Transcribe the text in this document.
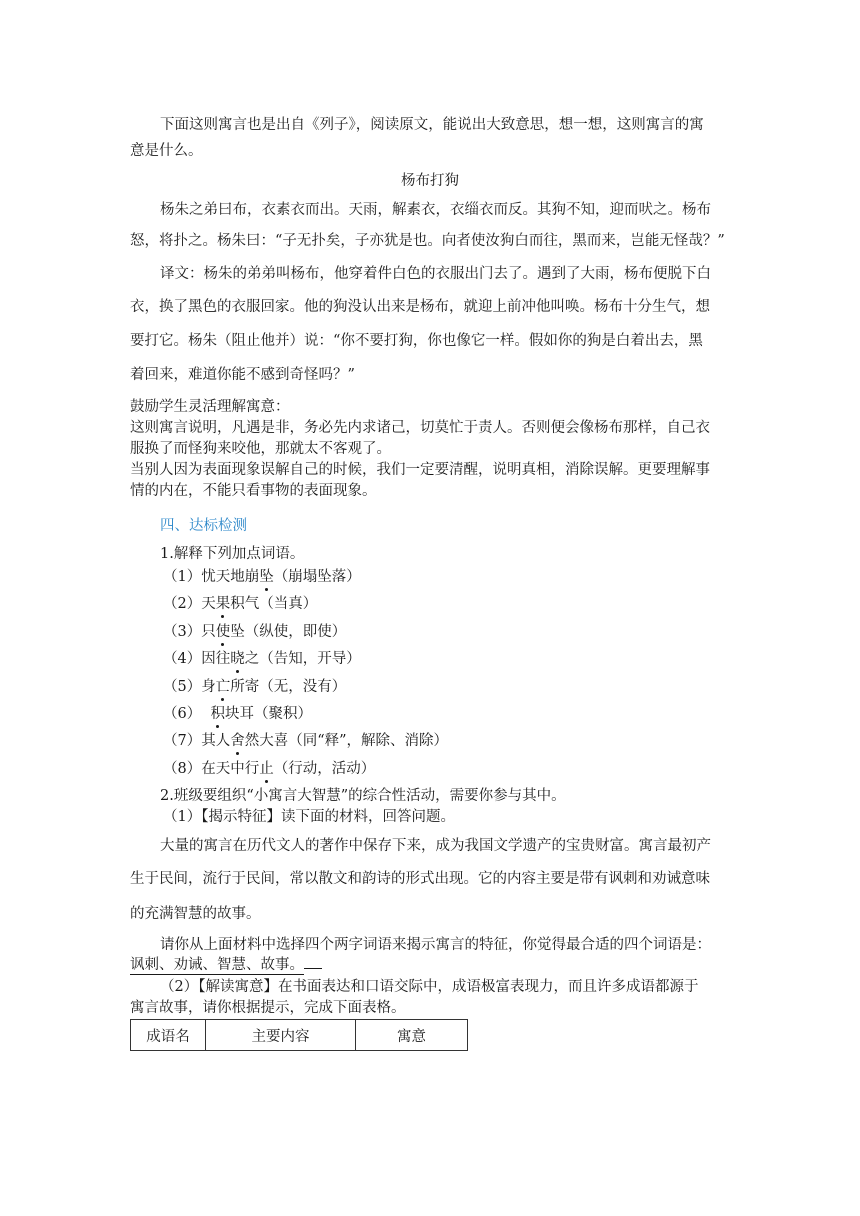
下面这则寓言也是出自《列子》，阅读原文，能说出大致意思，想一想，这则寓言的寓
意是什么。
杨布打狗
杨朱之弟曰布，衣素衣而出。天雨，解素衣，衣缁衣而反。其狗不知，迎而吠之。杨布
怒，将扑之。杨朱曰：“子无扑矣，子亦犹是也。向者使汝狗白而往，黑而来，岂能无怪哉？”
译文：杨朱的弟弟叫杨布，他穿着件白色的衣服出门去了。遇到了大雨，杨布便脱下白
衣，换了黑色的衣服回家。他的狗没认出来是杨布，就迎上前冲他叫唤。杨布十分生气，想
要打它。杨朱（阻止他并）说：“你不要打狗，你也像它一样。假如你的狗是白着出去，黑
着回来，难道你能不感到奇怪吗？”
鼓励学生灵活理解寓意：
这则寓言说明，凡遇是非，务必先内求诸己，切莫忙于责人。否则便会像杨布那样，自己衣
服换了而怪狗来咬他，那就太不客观了。
当别人因为表面现象误解自己的时候，我们一定要清醒，说明真相，消除误解。更要理解事
情的内在，不能只看事物的表面现象。
四、达标检测
1.解释下列加点词语。
（1）忧天地崩坠（崩塌坠落）
（2）天果积气（当真）
（3）只使坠（纵使，即使）
（4）因往晓之（告知，开导）
（5）身亡所寄（无，没有）
（6） 积块耳（聚积）
（7）其人舍然大喜（同“释”，解除、消除）
（8）在天中行止（行动，活动）
2.班级要组织“小寓言大智慧”的综合性活动，需要你参与其中。
（1）【揭示特征】读下面的材料，回答问题。
大量的寓言在历代文人的著作中保存下来，成为我国文学遗产的宝贵财富。寓言最初产
生于民间，流行于民间，常以散文和韵诗的形式出现。它的内容主要是带有讽刺和劝诫意味
的充满智慧的故事。
请你从上面材料中选择四个两字词语来揭示寓言的特征，你觉得最合适的四个词语是：
讽刺、劝诫、智慧、故事。
（2）【解读寓意】在书面表达和口语交际中，成语极富表现力，而且许多成语都源于
寓言故事，请你根据提示，完成下面表格。
成语名	主要内容	寓意
